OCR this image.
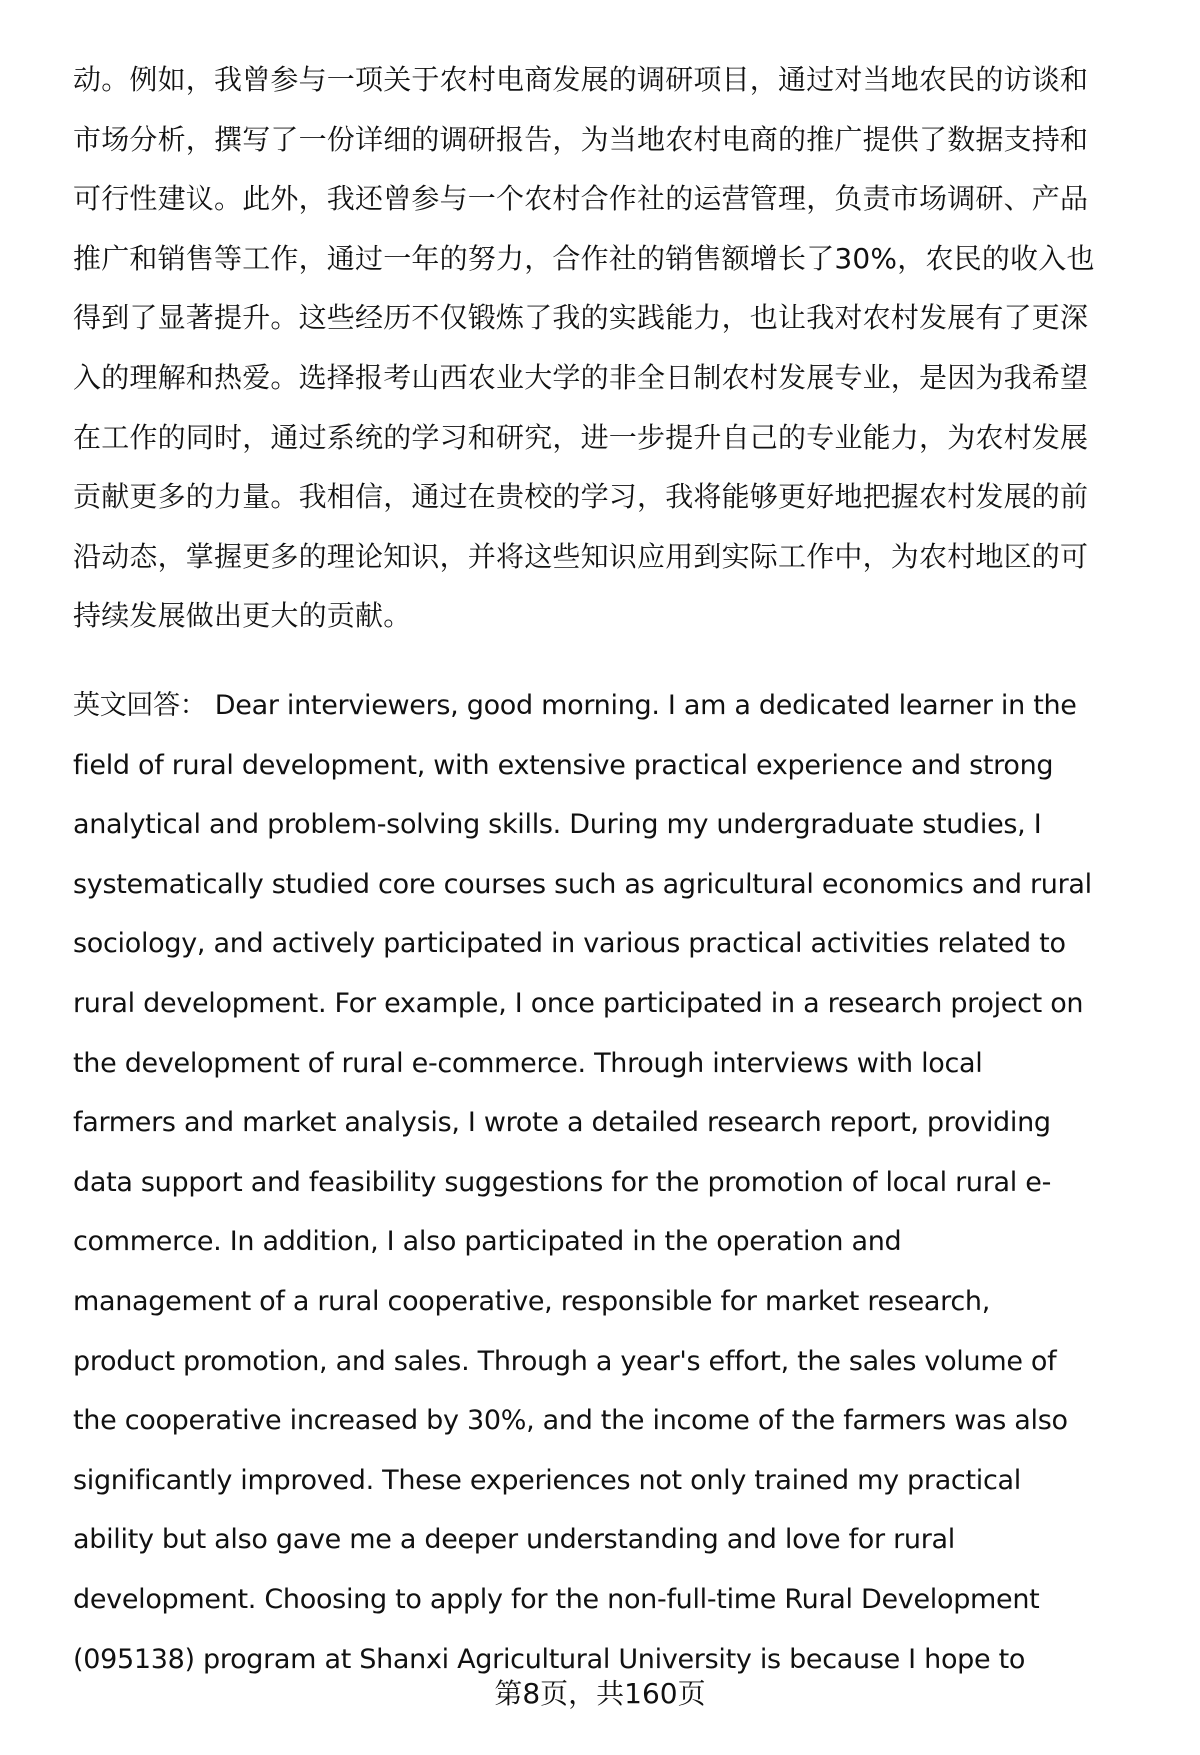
动。例如，我曾参与一项关于农村电商发展的调研项目，通过对当地农民的访谈和
市场分析，撰写了一份详细的调研报告，为当地农村电商的推广提供了数据支持和
可行性建议。此外，我还曾参与一个农村合作社的运营管理，负责市场调研、产品
推广和销售等工作，通过一年的努力，合作社的销售额增长了30%，农民的收入也
得到了显著提升。这些经历不仅锻炼了我的实践能力，也让我对农村发展有了更深
入的理解和热爱。选择报考山西农业大学的非全日制农村发展专业，是因为我希望
在工作的同时，通过系统的学习和研究，进一步提升自己的专业能力，为农村发展
贡献更多的力量。我相信，通过在贵校的学习，我将能够更好地把握农村发展的前
沿动态，掌握更多的理论知识，并将这些知识应用到实际工作中，为农村地区的可
持续发展做出更大的贡献。
英文回答： Dear interviewers, good morning. I am a dedicated learner in the
field of rural development, with extensive practical experience and strong
analytical and problem-solving skills. During my undergraduate studies, I
systematically studied core courses such as agricultural economics and rural
sociology, and actively participated in various practical activities related to
rural development. For example, I once participated in a research project on
the development of rural e-commerce. Through interviews with local
farmers and market analysis, I wrote a detailed research report, providing
data support and feasibility suggestions for the promotion of local rural e-
commerce. In addition, I also participated in the operation and
management of a rural cooperative, responsible for market research,
product promotion, and sales. Through a year's effort, the sales volume of
the cooperative increased by 30%, and the income of the farmers was also
significantly improved. These experiences not only trained my practical
ability but also gave me a deeper understanding and love for rural
development. Choosing to apply for the non-full-time Rural Development
(095138) program at Shanxi Agricultural University is because I hope to
第8页，共160页
